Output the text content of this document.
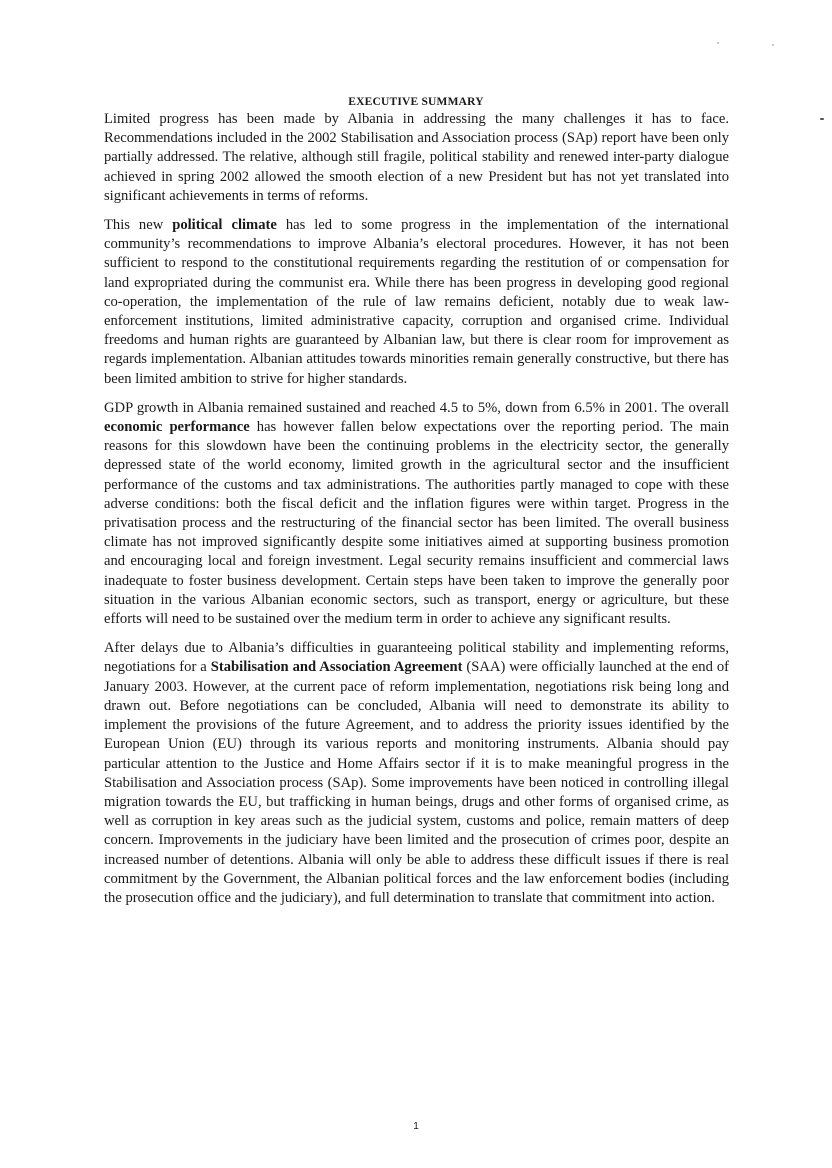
EXECUTIVE SUMMARY

Limited progress has been made by Albania in addressing the many challenges it has to face. Recommendations included in the 2002 Stabilisation and Association process (SAp) report have been only partially addressed. The relative, although still fragile, political stability and renewed inter-party dialogue achieved in spring 2002 allowed the smooth election of a new President but has not yet translated into significant achievements in terms of reforms.

This new political climate has led to some progress in the implementation of the international community’s recommendations to improve Albania’s electoral procedures. However, it has not been sufficient to respond to the constitutional requirements regarding the restitution of or compensation for land expropriated during the communist era. While there has been progress in developing good regional co-operation, the implementation of the rule of law remains deficient, notably due to weak law-enforcement institutions, limited administrative capacity, corruption and organised crime. Individual freedoms and human rights are guaranteed by Albanian law, but there is clear room for improvement as regards implementation. Albanian attitudes towards minorities remain generally constructive, but there has been limited ambition to strive for higher standards.

GDP growth in Albania remained sustained and reached 4.5 to 5%, down from 6.5% in 2001. The overall economic performance has however fallen below expectations over the reporting period. The main reasons for this slowdown have been the continuing problems in the electricity sector, the generally depressed state of the world economy, limited growth in the agricultural sector and the insufficient performance of the customs and tax administrations. The authorities partly managed to cope with these adverse conditions: both the fiscal deficit and the inflation figures were within target. Progress in the privatisation process and the restructuring of the financial sector has been limited. The overall business climate has not improved significantly despite some initiatives aimed at supporting business promotion and encouraging local and foreign investment. Legal security remains insufficient and commercial laws inadequate to foster business development. Certain steps have been taken to improve the generally poor situation in the various Albanian economic sectors, such as transport, energy or agriculture, but these efforts will need to be sustained over the medium term in order to achieve any significant results.

After delays due to Albania’s difficulties in guaranteeing political stability and implementing reforms, negotiations for a Stabilisation and Association Agreement (SAA) were officially launched at the end of January 2003. However, at the current pace of reform implementation, negotiations risk being long and drawn out. Before negotiations can be concluded, Albania will need to demonstrate its ability to implement the provisions of the future Agreement, and to address the priority issues identified by the European Union (EU) through its various reports and monitoring instruments. Albania should pay particular attention to the Justice and Home Affairs sector if it is to make meaningful progress in the Stabilisation and Association process (SAp). Some improvements have been noticed in controlling illegal migration towards the EU, but trafficking in human beings, drugs and other forms of organised crime, as well as corruption in key areas such as the judicial system, customs and police, remain matters of deep concern. Improvements in the judiciary have been limited and the prosecution of crimes poor, despite an increased number of detentions. Albania will only be able to address these difficult issues if there is real commitment by the Government, the Albanian political forces and the law enforcement bodies (including the prosecution office and the judiciary), and full determination to translate that commitment into action.

1
